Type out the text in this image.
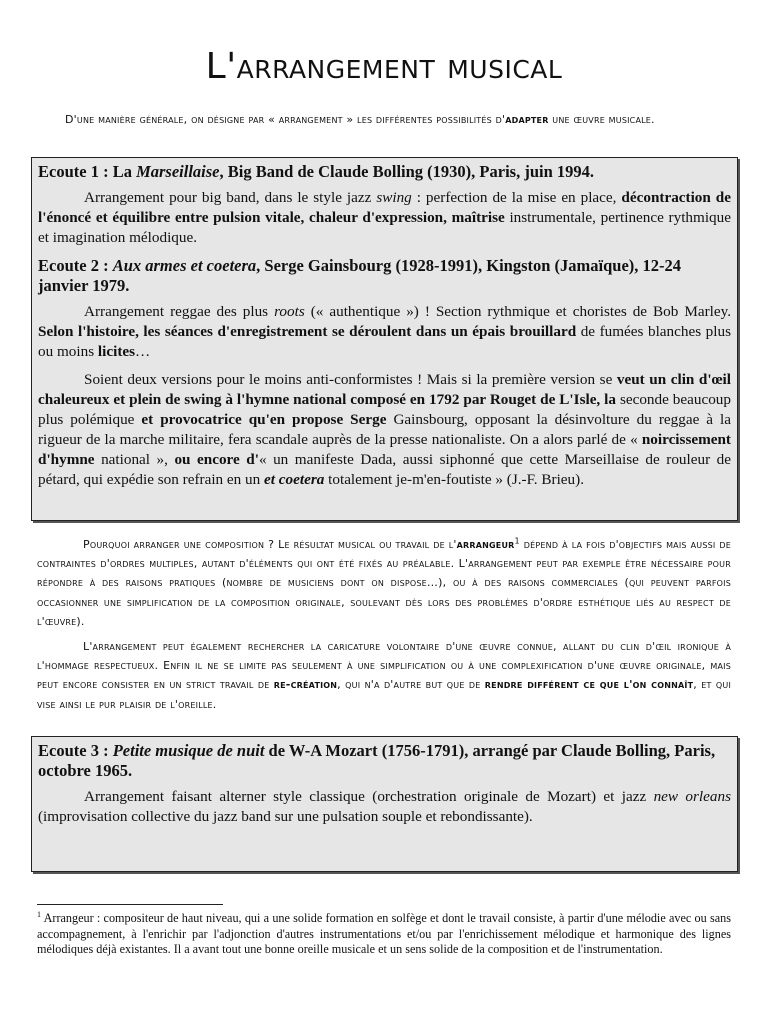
L'arrangement musical

D'une manière générale, on désigne par « arrangement » les différentes possibilités d'adapter une œuvre musicale.

Ecoute 1 : La Marseillaise, Big Band de Claude Bolling (1930), Paris, juin 1994.

Arrangement pour big band, dans le style jazz swing : perfection de la mise en place, décontraction de l'énoncé et équilibre entre pulsion vitale, chaleur d'expression, maîtrise instrumentale, pertinence rythmique et imagination mélodique.

Ecoute 2 : Aux armes et coetera, Serge Gainsbourg (1928-1991), Kingston (Jamaïque), 12-24 janvier 1979.

Arrangement reggae des plus roots (« authentique ») ! Section rythmique et choristes de Bob Marley. Selon l'histoire, les séances d'enregistrement se déroulent dans un épais brouillard de fumées blanches plus ou moins licites…

Soient deux versions pour le moins anti-conformistes ! Mais si la première version se veut un clin d'œil chaleureux et plein de swing à l'hymne national composé en 1792 par Rouget de L'Isle, la seconde beaucoup plus polémique et provocatrice qu'en propose Serge Gainsbourg, opposant la désinvolture du reggae à la rigueur de la marche militaire, fera scandale auprès de la presse nationaliste. On a alors parlé de « noircissement d'hymne national », ou encore d'« un manifeste Dada, aussi siphonné que cette Marseillaise de rouleur de pétard, qui expédie son refrain en un et coetera totalement je-m'en-foutiste » (J.-F. Brieu).

Pourquoi arranger une composition ? Le résultat musical ou travail de l'arrangeur$^1$ dépend à la fois d'objectifs mais aussi de contraintes d'ordres multiples, autant d'éléments qui ont été fixés au préalable. L'arrangement peut par exemple être nécessaire pour répondre à des raisons pratiques (nombre de musiciens dont on dispose…), ou à des raisons commerciales (qui peuvent parfois occasionner une simplification de la composition originale, soulevant dès lors des problèmes d'ordre esthétique liés au respect de l'œuvre).

L'arrangement peut également rechercher la caricature volontaire d'une œuvre connue, allant du clin d'œil ironique à l'hommage respectueux. Enfin il ne se limite pas seulement à une simplification ou à une complexification d'une œuvre originale, mais peut encore consister en un strict travail de re-création, qui n'a d'autre but que de rendre différent ce que l'on connaît, et qui vise ainsi le pur plaisir de l'oreille.

Ecoute 3 : Petite musique de nuit de W-A Mozart (1756-1791), arrangé par Claude Bolling, Paris, octobre 1965.

Arrangement faisant alterner style classique (orchestration originale de Mozart) et jazz new orleans (improvisation collective du jazz band sur une pulsation souple et rebondissante).

$^1$ Arrangeur : compositeur de haut niveau, qui a une solide formation en solfège et dont le travail consiste, à partir d'une mélodie avec ou sans accompagnement, à l'enrichir par l'adjonction d'autres instrumentations et/ou par l'enrichissement mélodique et harmonique des lignes mélodiques déjà existantes. Il a avant tout une bonne oreille musicale et un sens solide de la composition et de l'instrumentation.
